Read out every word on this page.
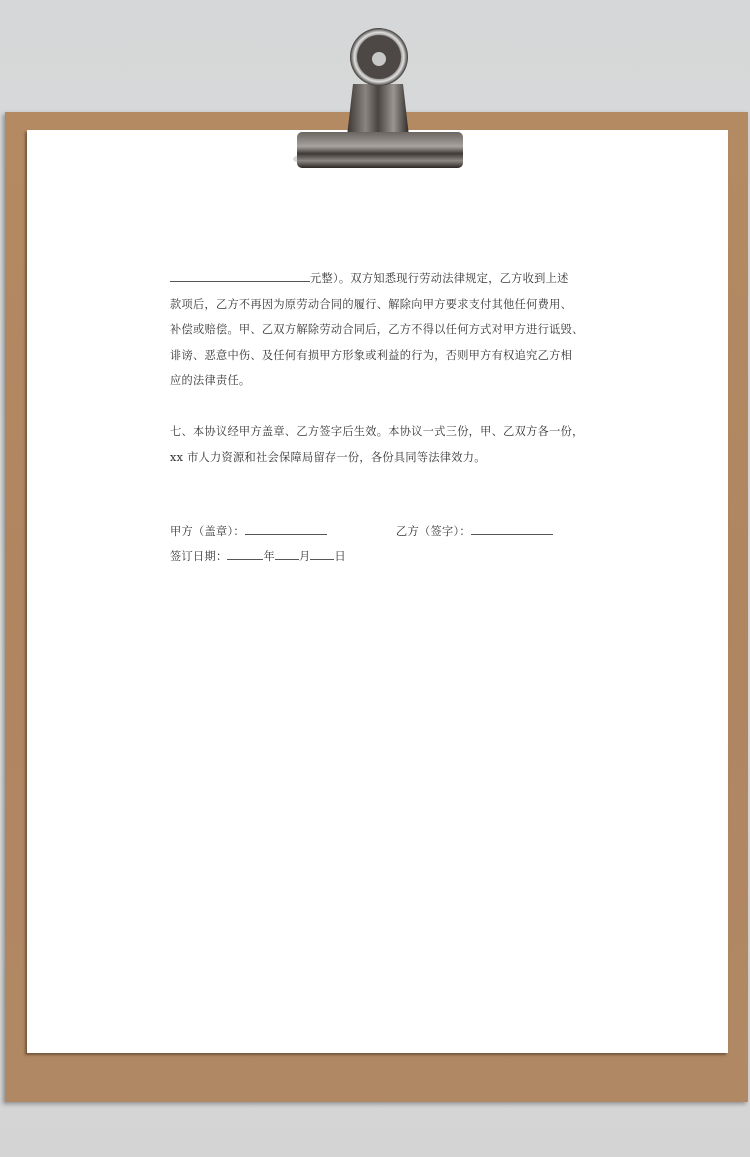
元整）。双方知悉现行劳动法律规定，乙方收到上述
款项后，乙方不再因为原劳动合同的履行、解除向甲方要求支付其他任何费用、
补偿或赔偿。甲、乙双方解除劳动合同后，乙方不得以任何方式对甲方进行诋毁、
诽谤、恶意中伤、及任何有损甲方形象或利益的行为，否则甲方有权追究乙方相
应的法律责任。

七、本协议经甲方盖章、乙方签字后生效。本协议一式三份，甲、乙双方各一份，
xx 市人力资源和社会保障局留存一份，各份具同等法律效力。

甲方（盖章）：	乙方（签字）：
签订日期：	年 月 日
